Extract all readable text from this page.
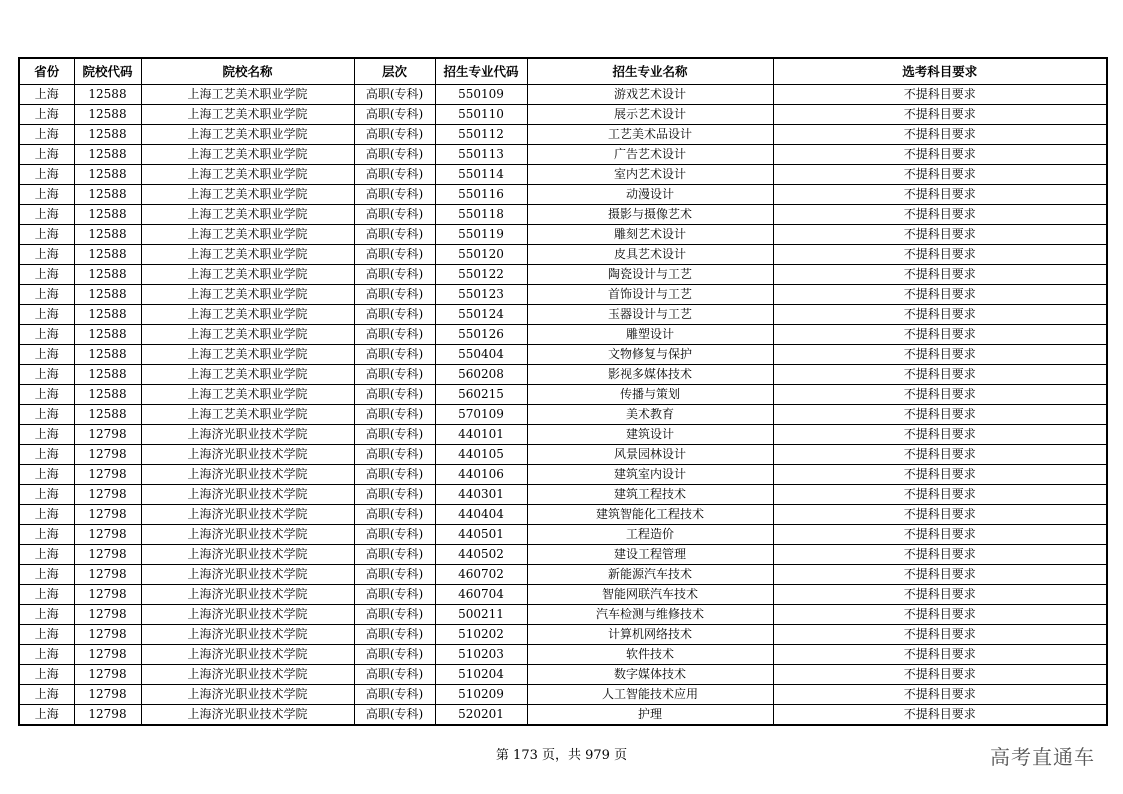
省份	院校代码	院校名称	层次	招生专业代码	招生专业名称	选考科目要求
上海	12588	上海工艺美术职业学院	高职(专科)	550109	游戏艺术设计	不提科目要求
上海	12588	上海工艺美术职业学院	高职(专科)	550110	展示艺术设计	不提科目要求
上海	12588	上海工艺美术职业学院	高职(专科)	550112	工艺美术品设计	不提科目要求
上海	12588	上海工艺美术职业学院	高职(专科)	550113	广告艺术设计	不提科目要求
上海	12588	上海工艺美术职业学院	高职(专科)	550114	室内艺术设计	不提科目要求
上海	12588	上海工艺美术职业学院	高职(专科)	550116	动漫设计	不提科目要求
上海	12588	上海工艺美术职业学院	高职(专科)	550118	摄影与摄像艺术	不提科目要求
上海	12588	上海工艺美术职业学院	高职(专科)	550119	雕刻艺术设计	不提科目要求
上海	12588	上海工艺美术职业学院	高职(专科)	550120	皮具艺术设计	不提科目要求
上海	12588	上海工艺美术职业学院	高职(专科)	550122	陶瓷设计与工艺	不提科目要求
上海	12588	上海工艺美术职业学院	高职(专科)	550123	首饰设计与工艺	不提科目要求
上海	12588	上海工艺美术职业学院	高职(专科)	550124	玉器设计与工艺	不提科目要求
上海	12588	上海工艺美术职业学院	高职(专科)	550126	雕塑设计	不提科目要求
上海	12588	上海工艺美术职业学院	高职(专科)	550404	文物修复与保护	不提科目要求
上海	12588	上海工艺美术职业学院	高职(专科)	560208	影视多媒体技术	不提科目要求
上海	12588	上海工艺美术职业学院	高职(专科)	560215	传播与策划	不提科目要求
上海	12588	上海工艺美术职业学院	高职(专科)	570109	美术教育	不提科目要求
上海	12798	上海济光职业技术学院	高职(专科)	440101	建筑设计	不提科目要求
上海	12798	上海济光职业技术学院	高职(专科)	440105	风景园林设计	不提科目要求
上海	12798	上海济光职业技术学院	高职(专科)	440106	建筑室内设计	不提科目要求
上海	12798	上海济光职业技术学院	高职(专科)	440301	建筑工程技术	不提科目要求
上海	12798	上海济光职业技术学院	高职(专科)	440404	建筑智能化工程技术	不提科目要求
上海	12798	上海济光职业技术学院	高职(专科)	440501	工程造价	不提科目要求
上海	12798	上海济光职业技术学院	高职(专科)	440502	建设工程管理	不提科目要求
上海	12798	上海济光职业技术学院	高职(专科)	460702	新能源汽车技术	不提科目要求
上海	12798	上海济光职业技术学院	高职(专科)	460704	智能网联汽车技术	不提科目要求
上海	12798	上海济光职业技术学院	高职(专科)	500211	汽车检测与维修技术	不提科目要求
上海	12798	上海济光职业技术学院	高职(专科)	510202	计算机网络技术	不提科目要求
上海	12798	上海济光职业技术学院	高职(专科)	510203	软件技术	不提科目要求
上海	12798	上海济光职业技术学院	高职(专科)	510204	数字媒体技术	不提科目要求
上海	12798	上海济光职业技术学院	高职(专科)	510209	人工智能技术应用	不提科目要求
上海	12798	上海济光职业技术学院	高职(专科)	520201	护理	不提科目要求
第 173 页，共 979 页	高考直通车
